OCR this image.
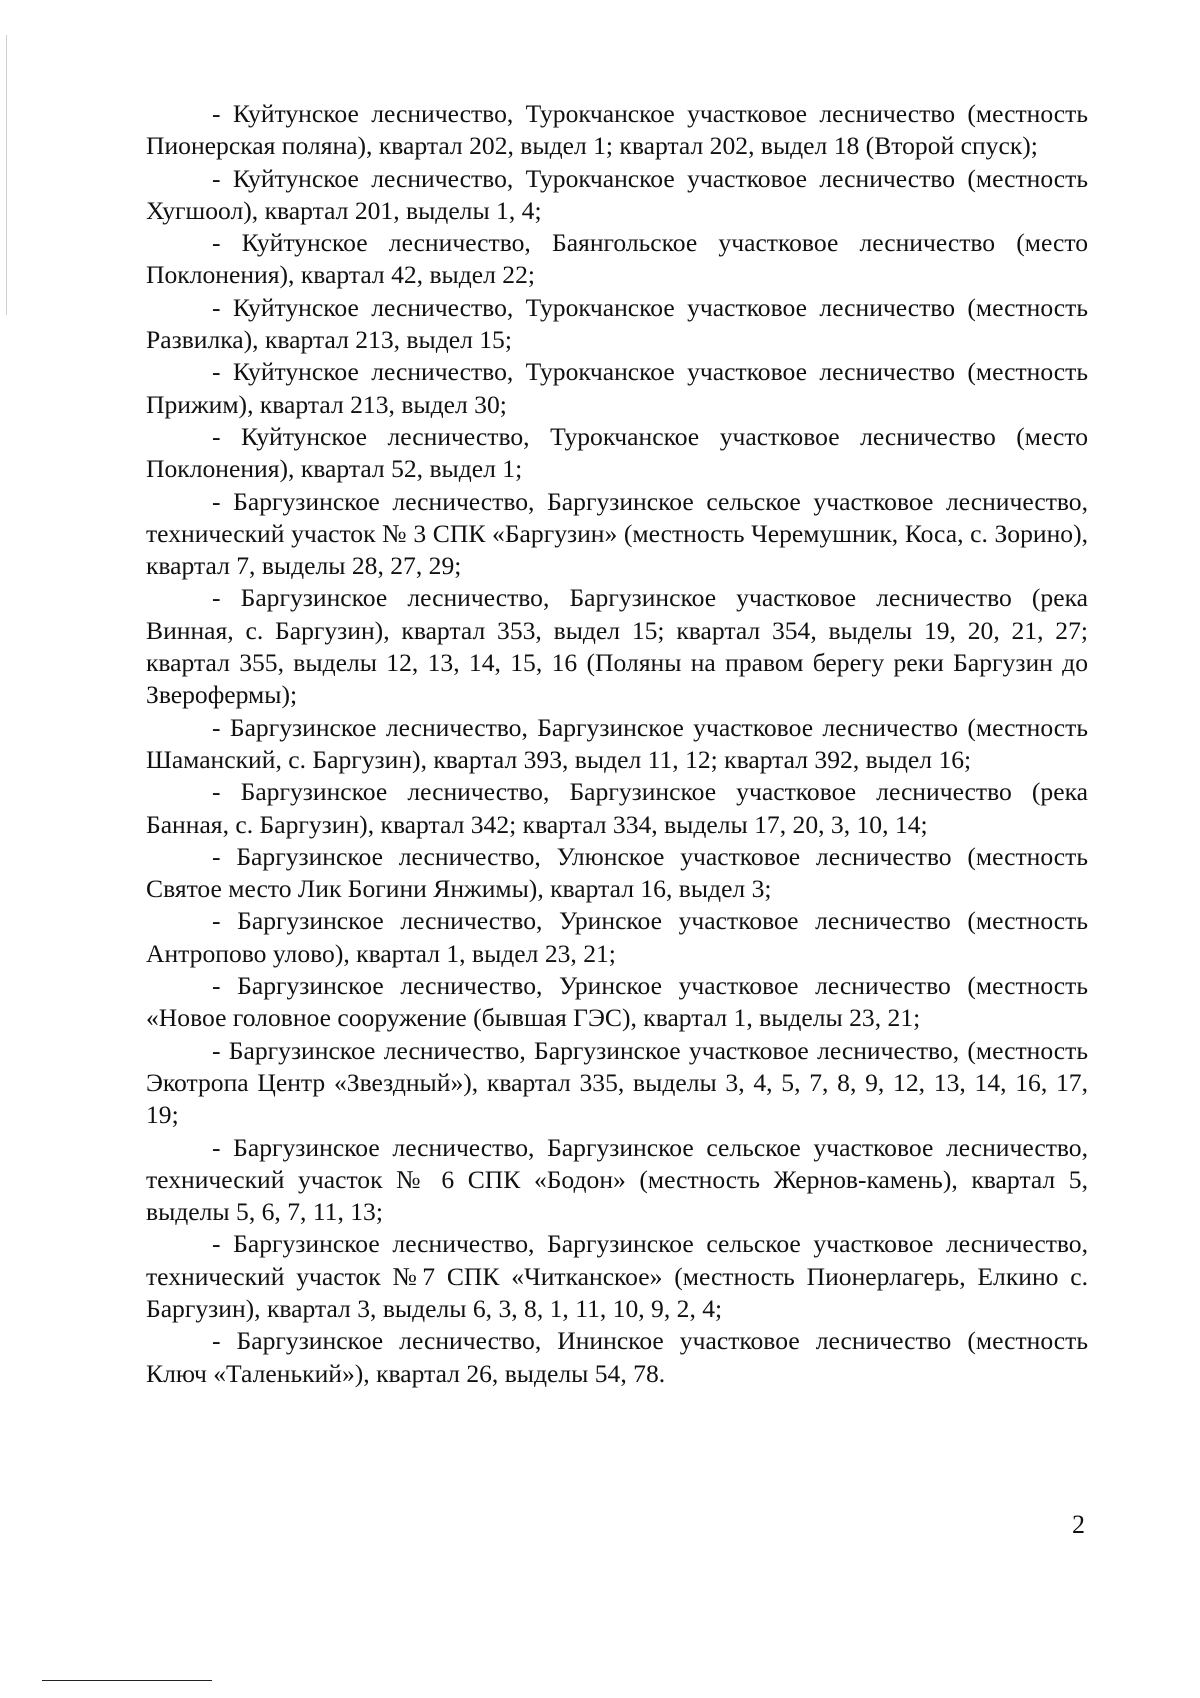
- Куйтунское лесничество, Турокчанское участковое лесничество (местность Пионерская поляна), квартал 202, выдел 1; квартал 202, выдел 18 (Второй спуск);

- Куйтунское лесничество, Турокчанское участковое лесничество (местность Хугшоол), квартал 201, выделы 1, 4;

- Куйтунское лесничество, Баянгольское участковое лесничество (место Поклонения), квартал 42, выдел 22;

- Куйтунское лесничество, Турокчанское участковое лесничество (местность Развилка), квартал 213, выдел 15;

- Куйтунское лесничество, Турокчанское участковое лесничество (местность Прижим), квартал 213, выдел 30;

- Куйтунское лесничество, Турокчанское участковое лесничество (место Поклонения), квартал 52, выдел 1;

- Баргузинское лесничество, Баргузинское сельское участковое лесничество, технический участок № 3 СПК «Баргузин» (местность Черемушник, Коса, с. Зорино), квартал 7, выделы 28, 27, 29;

- Баргузинское лесничество, Баргузинское участковое лесничество (река Винная, с. Баргузин), квартал 353, выдел 15; квартал 354, выделы 19, 20, 21, 27; квартал 355, выделы 12, 13, 14, 15, 16 (Поляны на правом берегу реки Баргузин до Зверофермы);

- Баргузинское лесничество, Баргузинское участковое лесничество (местность Шаманский, с. Баргузин), квартал 393, выдел 11, 12; квартал 392, выдел 16;

- Баргузинское лесничество, Баргузинское участковое лесничество (река Банная, с. Баргузин), квартал 342; квартал 334, выделы 17, 20, 3, 10, 14;

- Баргузинское лесничество, Улюнское участковое лесничество (местность Святое место Лик Богини Янжимы), квартал 16, выдел 3;

- Баргузинское лесничество, Уринское участковое лесничество (местность Антропово улово), квартал 1, выдел 23, 21;

- Баргузинское лесничество, Уринское участковое лесничество (местность «Новое головное сооружение (бывшая ГЭС), квартал 1, выделы 23, 21;

- Баргузинское лесничество, Баргузинское участковое лесничество, (местность Экотропа Центр «Звездный»), квартал 335, выделы 3, 4, 5, 7, 8, 9, 12, 13, 14, 16, 17, 19;

- Баргузинское лесничество, Баргузинское сельское участковое лесничество, технический участок № 6 СПК «Бодон» (местность Жернов-камень), квартал 5, выделы 5, 6, 7, 11, 13;

- Баргузинское лесничество, Баргузинское сельское участковое лесничество, технический участок №7 СПК «Читканское» (местность Пионерлагерь, Елкино с. Баргузин), квартал 3, выделы 6, 3, 8, 1, 11, 10, 9, 2, 4;

- Баргузинское лесничество, Ининское участковое лесничество (местность Ключ «Таленький»), квартал 26, выделы 54, 78.

2
